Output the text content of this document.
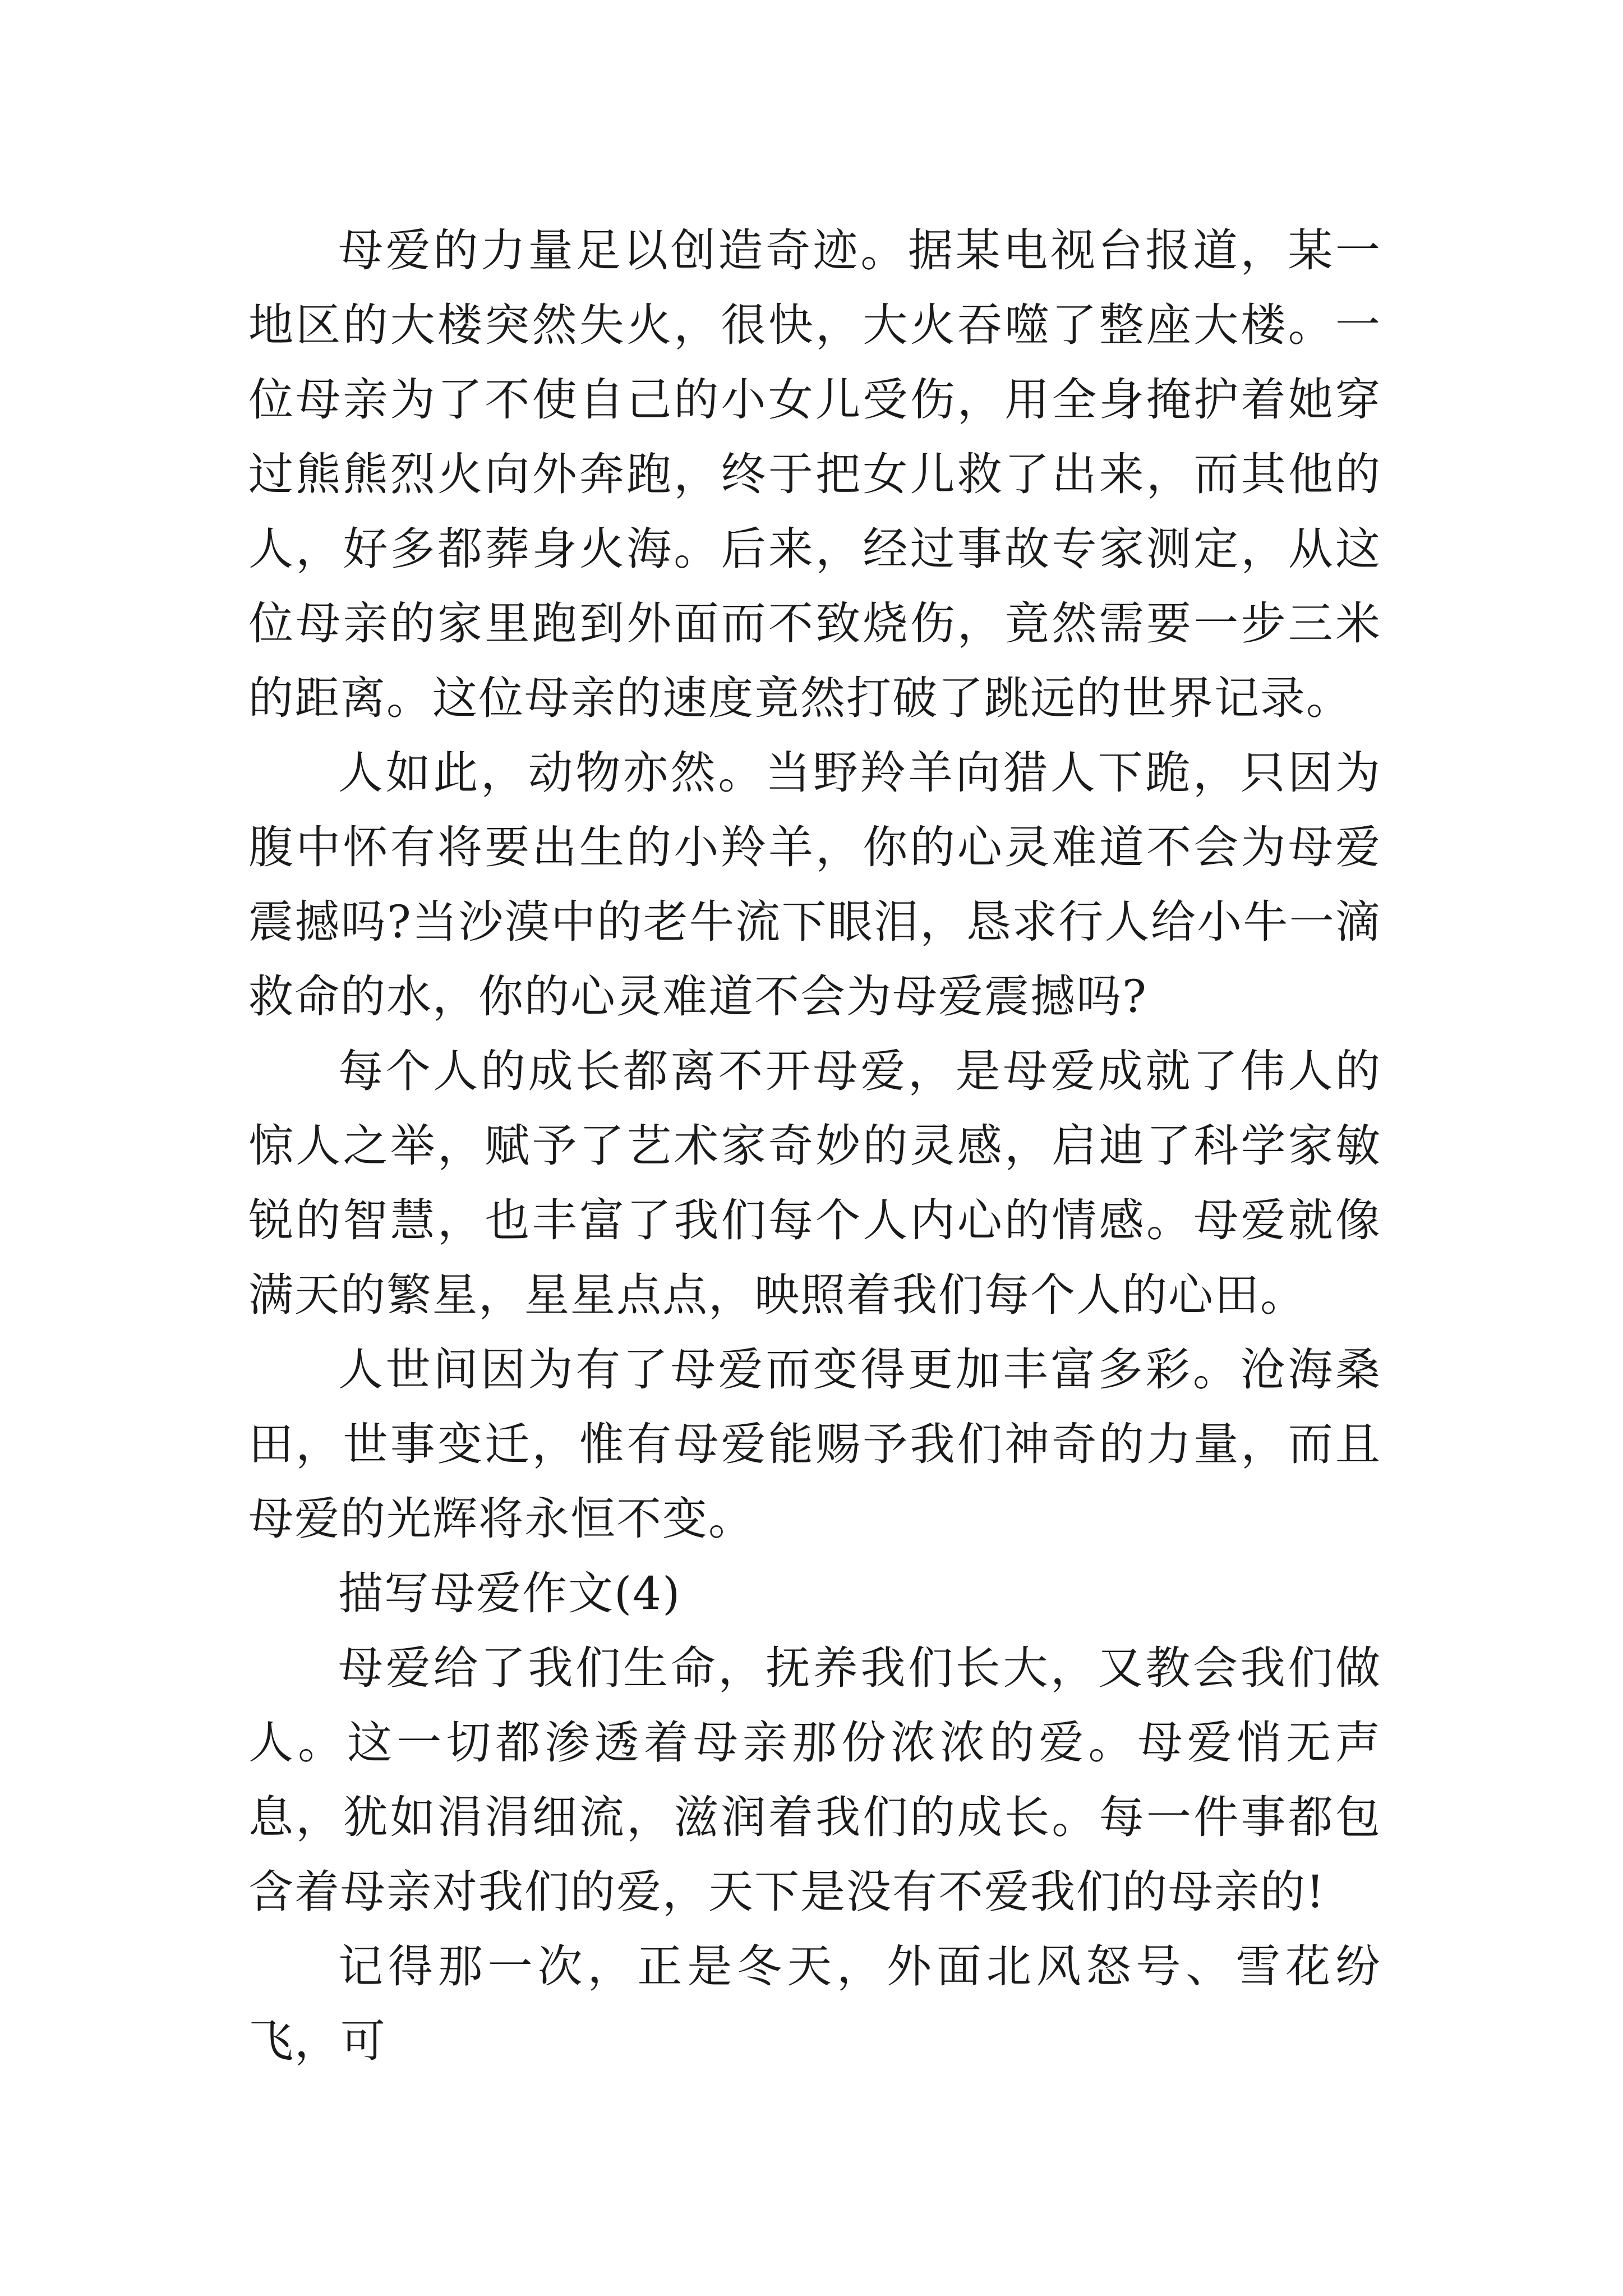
母爱的力量足以创造奇迹。据某电视台报道，某一地区的大楼突然失火，很快，大火吞噬了整座大楼。一位母亲为了不使自己的小女儿受伤，用全身掩护着她穿过熊熊烈火向外奔跑，终于把女儿救了出来，而其他的人，好多都葬身火海。后来，经过事故专家测定，从这位母亲的家里跑到外面而不致烧伤，竟然需要一步三米的距离。这位母亲的速度竟然打破了跳远的世界记录。

人如此，动物亦然。当野羚羊向猎人下跪，只因为腹中怀有将要出生的小羚羊，你的心灵难道不会为母爱震撼吗?当沙漠中的老牛流下眼泪，恳求行人给小牛一滴救命的水，你的心灵难道不会为母爱震撼吗?

每个人的成长都离不开母爱，是母爱成就了伟人的惊人之举，赋予了艺术家奇妙的灵感，启迪了科学家敏锐的智慧，也丰富了我们每个人内心的情感。母爱就像满天的繁星，星星点点，映照着我们每个人的心田。

人世间因为有了母爱而变得更加丰富多彩。沧海桑田，世事变迁，惟有母爱能赐予我们神奇的力量，而且母爱的光辉将永恒不变。

描写母爱作文(4)

母爱给了我们生命，抚养我们长大，又教会我们做人。这一切都渗透着母亲那份浓浓的爱。母爱悄无声息，犹如涓涓细流，滋润着我们的成长。每一件事都包含着母亲对我们的爱，天下是没有不爱我们的母亲的!

记得那一次，正是冬天，外面北风怒号、雪花纷飞，可
